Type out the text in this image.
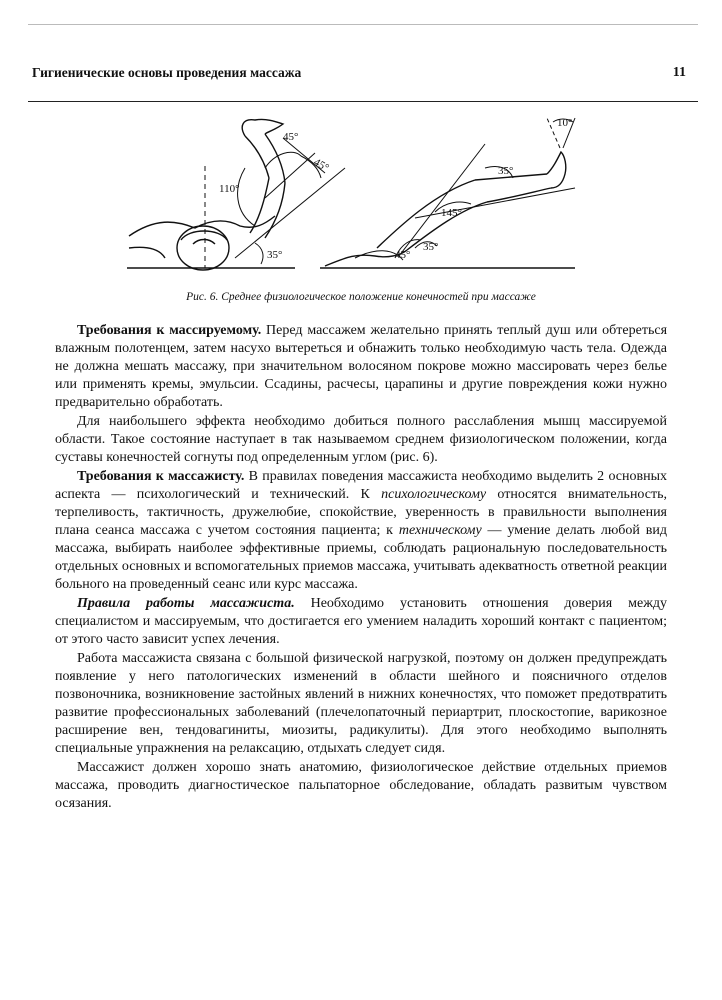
Гигиенические основы проведения массажа	11
45°
45°
110°
35°
10°
35°
145°
45°
35°
Рис. 6. Среднее физиологическое положение конечностей при массаже

Требования к массируемому. Перед массажем желательно принять теплый душ или обтереться влажным полотенцем, затем насухо вытереться и обнажить только необходимую часть тела. Одежда не должна мешать массажу, при значительном волосяном покрове можно массировать через белье или применять кремы, эмульсии. Ссадины, расчесы, царапины и другие повреждения кожи нужно предварительно обработать.

Для наибольшего эффекта необходимо добиться полного расслабления мышц массируемой области. Такое состояние наступает в так называемом среднем физиологическом положении, когда суставы конечностей согнуты под определенным углом (рис. 6).

Требования к массажисту. В правилах поведения массажиста необходимо выделить 2 основных аспекта — психологический и технический. К психологическому относятся внимательность, терпеливость, тактичность, дружелюбие, спокойствие, уверенность в правильности выполнения плана сеанса массажа с учетом состояния пациента; к техническому — умение делать любой вид массажа, выбирать наиболее эффективные приемы, соблюдать рациональную последовательность отдельных основных и вспомогательных приемов массажа, учитывать адекватность ответной реакции больного на проведенный сеанс или курс массажа.

Правила работы массажиста. Необходимо установить отношения доверия между специалистом и массируемым, что достигается его умением наладить хороший контакт с пациентом; от этого часто зависит успех лечения.

Работа массажиста связана с большой физической нагрузкой, поэтому он должен предупреждать появление у него патологических изменений в области шейного и поясничного отделов позвоночника, возникновение застойных явлений в нижних конечностях, что поможет предотвратить развитие профессиональных заболеваний (плечелопаточный периартрит, плоскостопие, варикозное расширение вен, тендовагиниты, миозиты, радикулиты). Для этого необходимо выполнять специальные упражнения на релаксацию, отдыхать следует сидя.

Массажист должен хорошо знать анатомию, физиологическое действие отдельных приемов массажа, проводить диагностическое пальпаторное обследование, обладать развитым чувством осязания.
